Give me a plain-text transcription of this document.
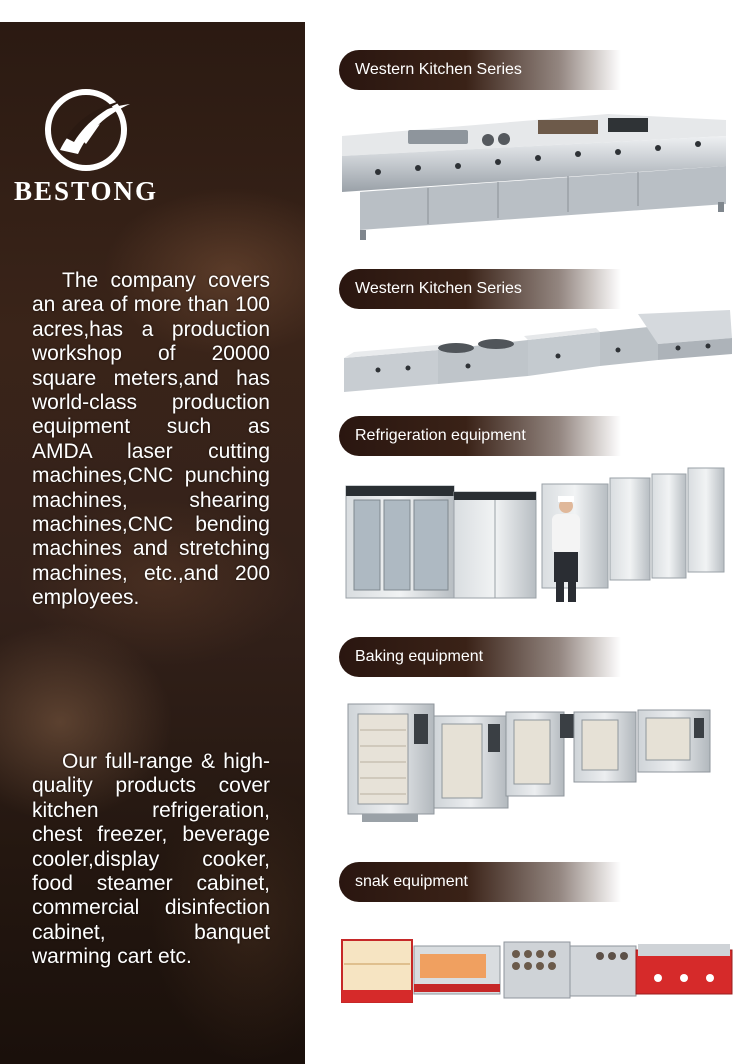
BESTONG

The company covers an area of more than 100 acres,has a production workshop of 20000 square meters,and has world-class production equipment such as AMDA laser cutting machines,CNC punching machines, shearing machines,CNC bending machines and stretching machines, etc.,and 200 employees.

Our full-range & high-quality products cover kitchen refrigeration, chest freezer, beverage cooler,display cooker, food steamer cabinet, commercial disinfection cabinet, banquet warming cart etc.

Western Kitchen Series
Western Kitchen Series
Refrigeration equipment
Baking equipment
snak equipment
